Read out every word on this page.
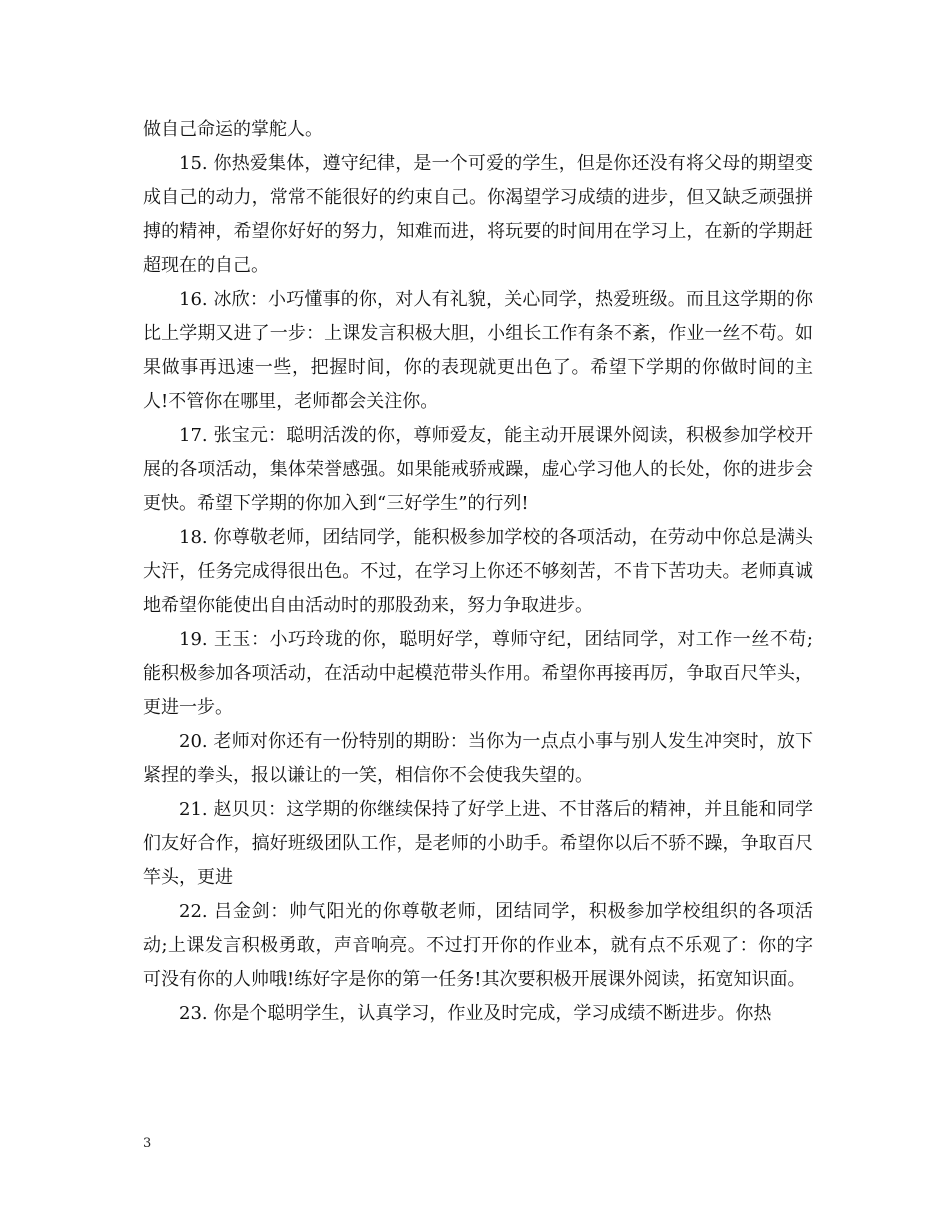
做自己命运的掌舵人。

15. 你热爱集体，遵守纪律，是一个可爱的学生，但是你还没有将父母的期望变成自己的动力，常常不能很好的约束自己。你渴望学习成绩的进步，但又缺乏顽强拼搏的精神，希望你好好的努力，知难而进，将玩要的时间用在学习上，在新的学期赶超现在的自己。

16. 冰欣：小巧懂事的你，对人有礼貌，关心同学，热爱班级。而且这学期的你比上学期又进了一步：上课发言积极大胆，小组长工作有条不紊，作业一丝不苟。如果做事再迅速一些，把握时间，你的表现就更出色了。希望下学期的你做时间的主人!不管你在哪里，老师都会关注你。

17. 张宝元：聪明活泼的你，尊师爱友，能主动开展课外阅读，积极参加学校开展的各项活动，集体荣誉感强。如果能戒骄戒躁，虚心学习他人的长处，你的进步会更快。希望下学期的你加入到“三好学生”的行列!

18. 你尊敬老师，团结同学，能积极参加学校的各项活动，在劳动中你总是满头大汗，任务完成得很出色。不过，在学习上你还不够刻苦，不肯下苦功夫。老师真诚地希望你能使出自由活动时的那股劲来，努力争取进步。

19. 王玉：小巧玲珑的你，聪明好学，尊师守纪，团结同学，对工作一丝不苟;能积极参加各项活动，在活动中起模范带头作用。希望你再接再厉，争取百尺竿头，更进一步。

20. 老师对你还有一份特别的期盼：当你为一点点小事与别人发生冲突时，放下紧捏的拳头，报以谦让的一笑，相信你不会使我失望的。

21. 赵贝贝：这学期的你继续保持了好学上进、不甘落后的精神，并且能和同学们友好合作，搞好班级团队工作，是老师的小助手。希望你以后不骄不躁，争取百尺竿头，更进

22. 吕金剑：帅气阳光的你尊敬老师，团结同学，积极参加学校组织的各项活动;上课发言积极勇敢，声音响亮。不过打开你的作业本，就有点不乐观了：你的字可没有你的人帅哦!练好字是你的第一任务!其次要积极开展课外阅读，拓宽知识面。

23. 你是个聪明学生，认真学习，作业及时完成，学习成绩不断进步。你热

3
